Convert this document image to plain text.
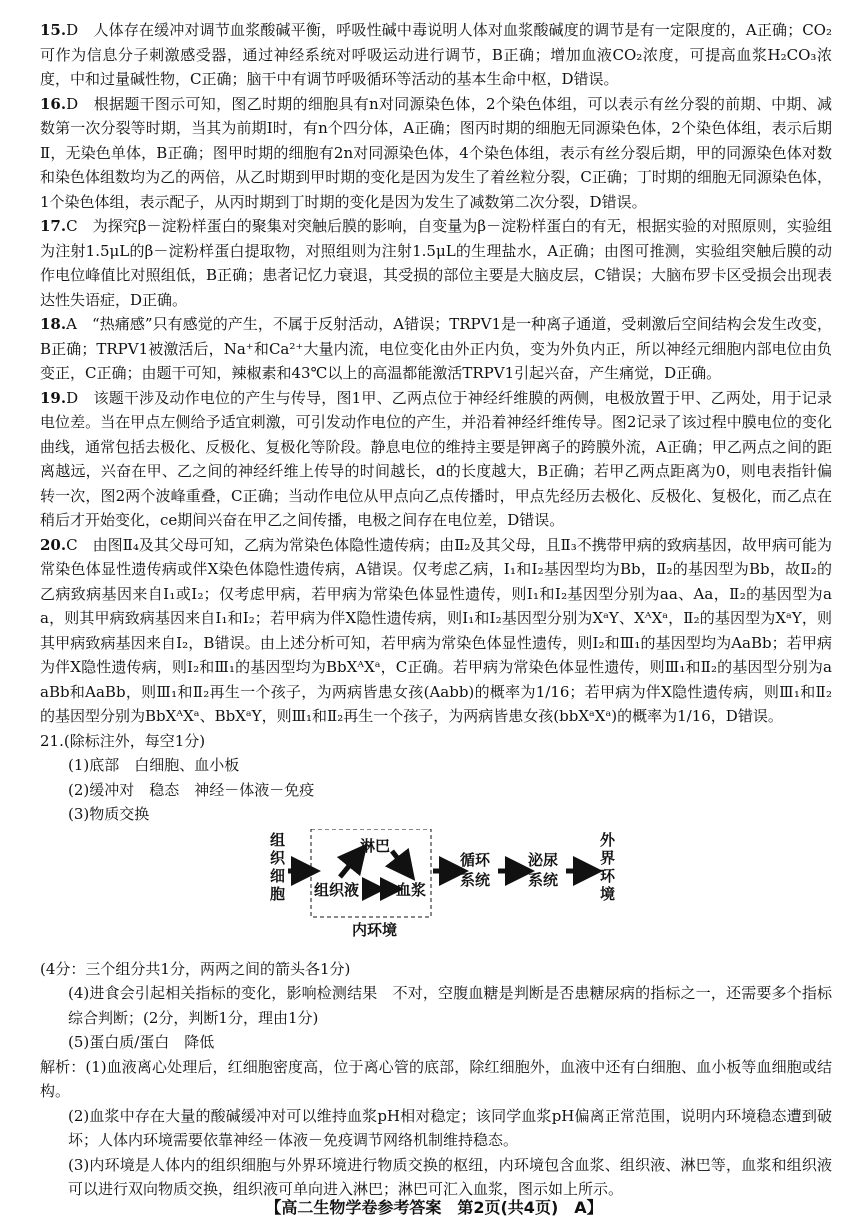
15.D　人体存在缓冲对调节血浆酸碱平衡，呼吸性碱中毒说明人体对血浆酸碱度的调节是有一定限度的，A正确；CO₂可作为信息分子刺激感受器，通过神经系统对呼吸运动进行调节，B正确；增加血液CO₂浓度，可提高血浆H₂CO₃浓度，中和过量碱性物，C正确；脑干中有调节呼吸循环等活动的基本生命中枢，D错误。

16.D　根据题干图示可知，图乙时期的细胞具有n对同源染色体，2个染色体组，可以表示有丝分裂的前期、中期、减数第一次分裂等时期，当其为前期Ⅰ时，有n个四分体，A正确；图丙时期的细胞无同源染色体，2个染色体组，表示后期Ⅱ，无染色单体，B正确；图甲时期的细胞有2n对同源染色体，4个染色体组，表示有丝分裂后期，甲的同源染色体对数和染色体组数均为乙的两倍，从乙时期到甲时期的变化是因为发生了着丝粒分裂，C正确；丁时期的细胞无同源染色体，1个染色体组，表示配子，从丙时期到丁时期的变化是因为发生了减数第二次分裂，D错误。

17.C　为探究β－淀粉样蛋白的聚集对突触后膜的影响，自变量为β－淀粉样蛋白的有无，根据实验的对照原则，实验组为注射1.5μL的β－淀粉样蛋白提取物，对照组则为注射1.5μL的生理盐水，A正确；由图可推测，实验组突触后膜的动作电位峰值比对照组低，B正确；患者记忆力衰退，其受损的部位主要是大脑皮层，C错误；大脑布罗卡区受损会出现表达性失语症，D正确。

18.A　“热痛感”只有感觉的产生，不属于反射活动，A错误；TRPV1是一种离子通道，受刺激后空间结构会发生改变，B正确；TRPV1被激活后，Na⁺和Ca²⁺大量内流，电位变化由外正内负，变为外负内正，所以神经元细胞内部电位由负变正，C正确；由题干可知，辣椒素和43℃以上的高温都能激活TRPV1引起兴奋，产生痛觉，D正确。

19.D　该题干涉及动作电位的产生与传导，图1甲、乙两点位于神经纤维膜的两侧，电极放置于甲、乙两处，用于记录电位差。当在甲点左侧给予适宜刺激，可引发动作电位的产生，并沿着神经纤维传导。图2记录了该过程中膜电位的变化曲线，通常包括去极化、反极化、复极化等阶段。静息电位的维持主要是钾离子的跨膜外流，A正确；甲乙两点之间的距离越远，兴奋在甲、乙之间的神经纤维上传导的时间越长，d的长度越大，B正确；若甲乙两点距离为0，则电表指针偏转一次，图2两个波峰重叠，C正确；当动作电位从甲点向乙点传播时，甲点先经历去极化、反极化、复极化，而乙点在稍后才开始变化，ce期间兴奋在甲乙之间传播，电极之间存在电位差，D错误。

20.C　由图Ⅱ₄及其父母可知，乙病为常染色体隐性遗传病；由Ⅱ₂及其父母，且Ⅱ₃不携带甲病的致病基因，故甲病可能为常染色体显性遗传病或伴X染色体隐性遗传病，A错误。仅考虑乙病，Ⅰ₁和Ⅰ₂基因型均为Bb，Ⅱ₂的基因型为Bb，故Ⅱ₂的乙病致病基因来自Ⅰ₁或Ⅰ₂；仅考虑甲病，若甲病为常染色体显性遗传，则Ⅰ₁和Ⅰ₂基因型分别为aa、Aa，Ⅱ₂的基因型为aa，则其甲病致病基因来自Ⅰ₁和Ⅰ₂；若甲病为伴X隐性遗传病，则Ⅰ₁和Ⅰ₂基因型分别为XᵃY、XᴬXᵃ，Ⅱ₂的基因型为XᵃY，则其甲病致病基因来自Ⅰ₂，B错误。由上述分析可知，若甲病为常染色体显性遗传，则Ⅰ₂和Ⅲ₁的基因型均为AaBb；若甲病为伴X隐性遗传病，则Ⅰ₂和Ⅲ₁的基因型均为BbXᴬXᵃ，C正确。若甲病为常染色体显性遗传，则Ⅲ₁和Ⅱ₂的基因型分别为aaBb和AaBb，则Ⅲ₁和Ⅱ₂再生一个孩子，为两病皆患女孩(Aabb)的概率为1/16；若甲病为伴X隐性遗传病，则Ⅲ₁和Ⅱ₂的基因型分别为BbXᴬXᵃ、BbXᵃY，则Ⅲ₁和Ⅱ₂再生一个孩子，为两病皆患女孩(bbXᵃXᵃ)的概率为1/16，D错误。

21.(除标注外，每空1分)

(1)底部　白细胞、血小板

(2)缓冲对　稳态　神经－体液－免疫

(3)物质交换

组
织
细
胞
淋巴
组织液 血浆
内环境
循环
系统
泌尿
系统
外
界
环
境

(4分：三个组分共1分，两两之间的箭头各1分)

(4)进食会引起相关指标的变化，影响检测结果　不对，空腹血糖是判断是否患糖尿病的指标之一，还需要多个指标综合判断；(2分，判断1分，理由1分)

(5)蛋白质/蛋白　降低

解析：(1)血液离心处理后，红细胞密度高，位于离心管的底部，除红细胞外，血液中还有白细胞、血小板等血细胞或结构。

(2)血浆中存在大量的酸碱缓冲对可以维持血浆pH相对稳定；该同学血浆pH偏离正常范围，说明内环境稳态遭到破坏；人体内环境需要依靠神经－体液－免疫调节网络机制维持稳态。

(3)内环境是人体内的组织细胞与外界环境进行物质交换的枢纽，内环境包含血浆、组织液、淋巴等，血浆和组织液可以进行双向物质交换，组织液可单向进入淋巴；淋巴可汇入血浆，图示如上所示。

【高二生物学卷参考答案　第2页(共4页)　A】
